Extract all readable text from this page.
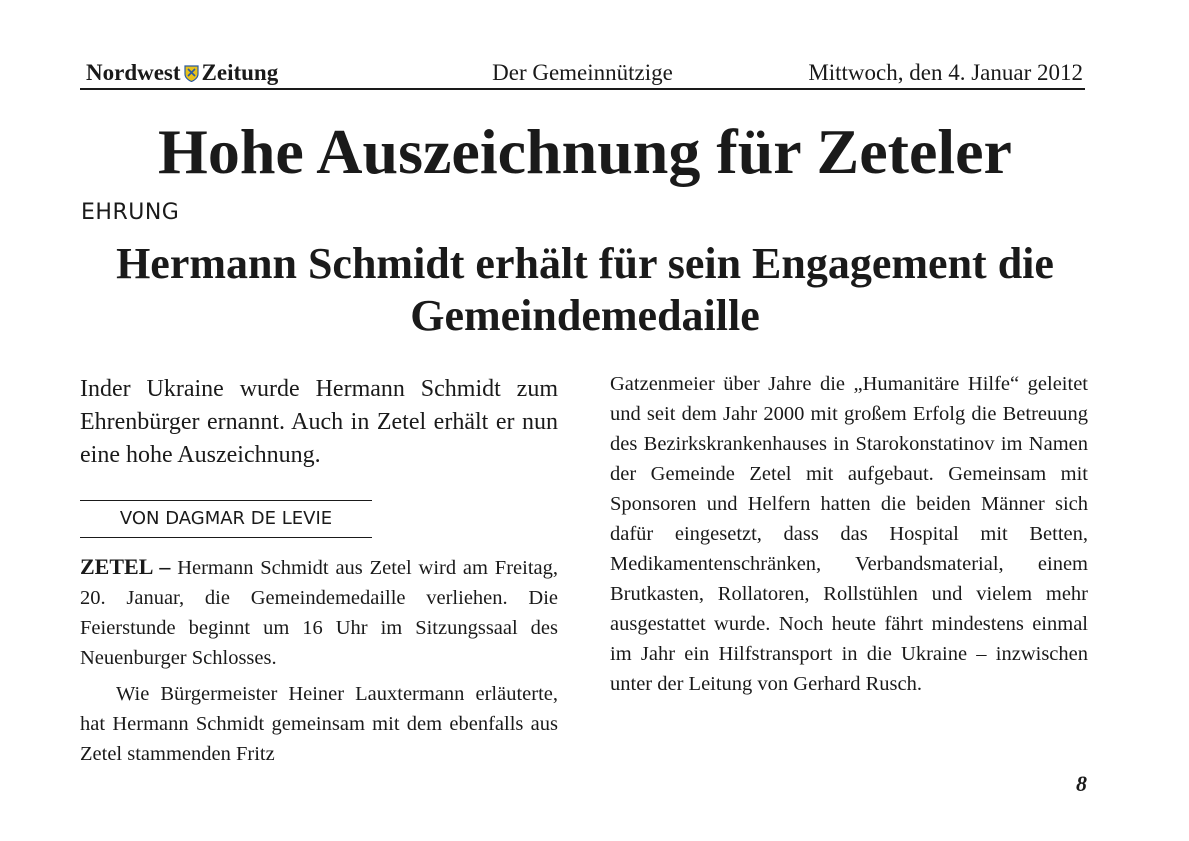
Nordwest Zeitung	Der Gemeinnützige	Mittwoch, den 4. Januar 2012
Hohe Auszeichnung für Zeteler
EHRUNG
Hermann Schmidt erhält für sein Engagement die Gemeindemedaille

Inder Ukraine wurde Hermann Schmidt zum Ehrenbürger ernannt. Auch in Zetel erhält er nun eine hohe Auszeichnung.

VON DAGMAR DE LEVIE

ZETEL – Hermann Schmidt aus Zetel wird am Freitag, 20. Januar, die Gemeindemedaille verliehen. Die Feierstunde beginnt um 16 Uhr im Sitzungssaal des Neuenburger Schlosses.

Wie Bürgermeister Heiner Lauxtermann erläuterte, hat Hermann Schmidt gemeinsam mit dem ebenfalls aus Zetel stammenden Fritz

Gatzenmeier über Jahre die „Humanitäre Hilfe“ geleitet und seit dem Jahr 2000 mit großem Erfolg die Betreuung des Bezirkskrankenhauses in Starokonstatinov im Namen der Gemeinde Zetel mit aufgebaut. Gemeinsam mit Sponsoren und Helfern hatten die beiden Männer sich dafür eingesetzt, dass das Hospital mit Betten, Medikamentenschränken, Verbandsmaterial, einem Brutkasten, Rollatoren, Rollstühlen und vielem mehr ausgestattet wurde. Noch heute fährt mindestens einmal im Jahr ein Hilfstransport in die Ukraine – inzwischen unter der Leitung von Gerhard Rusch.

8
